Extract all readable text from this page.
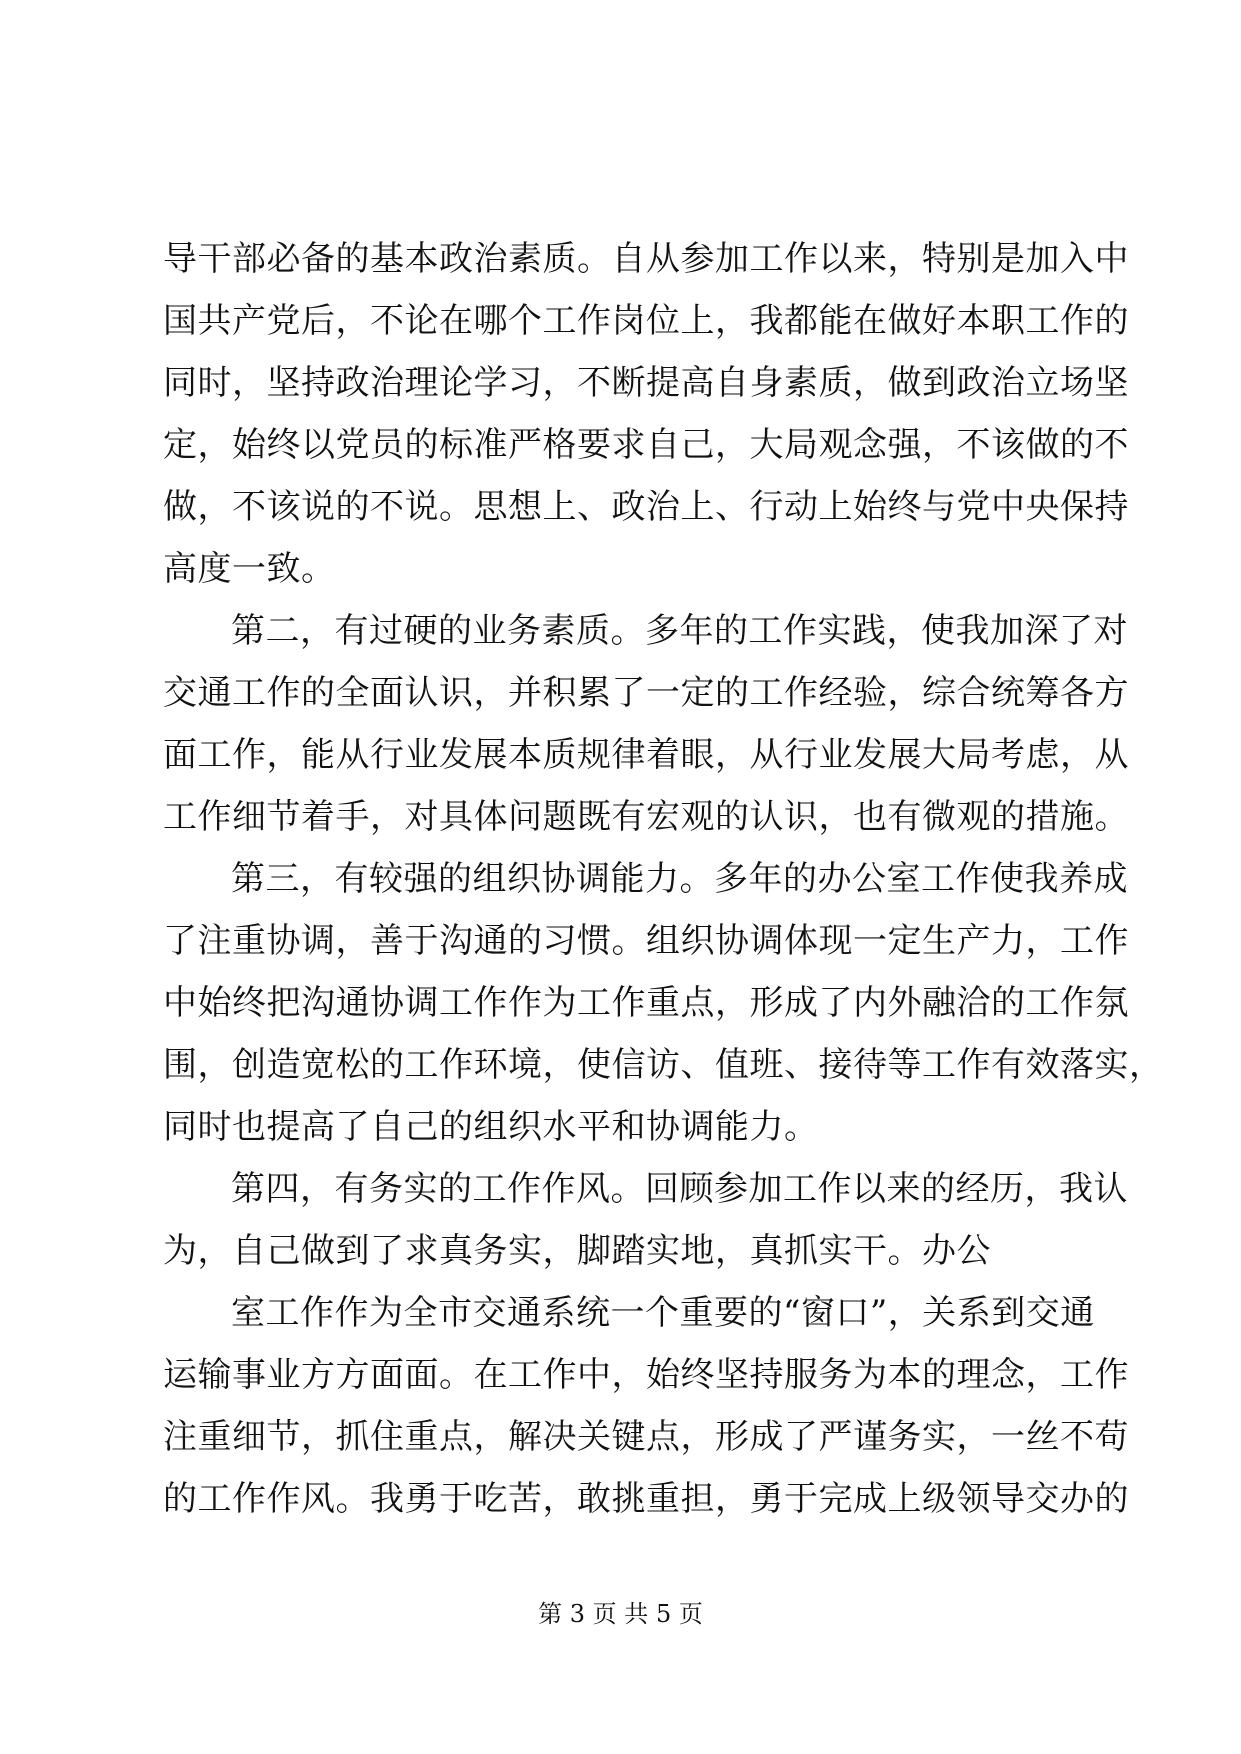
导干部必备的基本政治素质。自从参加工作以来，特别是加入中
国共产党后，不论在哪个工作岗位上，我都能在做好本职工作的
同时，坚持政治理论学习，不断提高自身素质，做到政治立场坚
定，始终以党员的标准严格要求自己，大局观念强，不该做的不
做，不该说的不说。思想上、政治上、行动上始终与党中央保持
高度一致。
第二，有过硬的业务素质。多年的工作实践，使我加深了对
交通工作的全面认识，并积累了一定的工作经验，综合统筹各方
面工作，能从行业发展本质规律着眼，从行业发展大局考虑，从
工作细节着手，对具体问题既有宏观的认识，也有微观的措施。
第三，有较强的组织协调能力。多年的办公室工作使我养成
了注重协调，善于沟通的习惯。组织协调体现一定生产力，工作
中始终把沟通协调工作作为工作重点，形成了内外融洽的工作氛
围，创造宽松的工作环境，使信访、值班、接待等工作有效落实，
同时也提高了自己的组织水平和协调能力。
第四，有务实的工作作风。回顾参加工作以来的经历，我认
为，自己做到了求真务实，脚踏实地，真抓实干。办公
室工作作为全市交通系统一个重要的“窗口”，关系到交通
运输事业方方面面。在工作中，始终坚持服务为本的理念，工作
注重细节，抓住重点，解决关键点，形成了严谨务实，一丝不苟
的工作作风。我勇于吃苦，敢挑重担，勇于完成上级领导交办的
第 3 页 共 5 页
